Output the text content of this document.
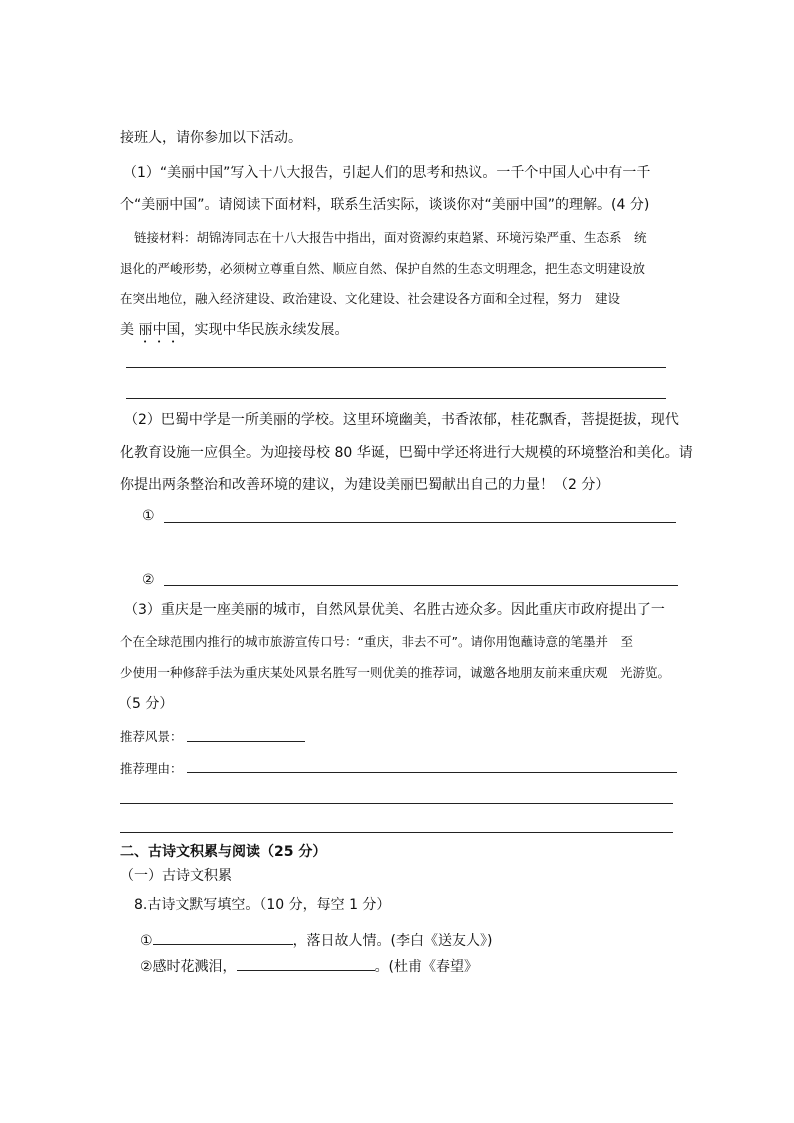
接班人，请你参加以下活动。
（1）“美丽中国”写入十八大报告，引起人们的思考和热议。一千个中国人心中有一千
个“美丽中国”。请阅读下面材料，联系生活实际，谈谈你对“美丽中国”的理解。(4 分)
链接材料：胡锦涛同志在十八大报告中指出，面对资源约束趋紧、环境污染严重、生态系　统
退化的严峻形势，必须树立尊重自然、顺应自然、保护自然的生态文明理念，把生态文明建设放
在突出地位，融入经济建设、政治建设、文化建设、社会建设各方面和全过程，努力　建设
美 丽中国，实现中华民族永续发展。
（2）巴蜀中学是一所美丽的学校。这里环境幽美，书香浓郁，桂花飘香，菩提挺拔，现代
化教育设施一应俱全。为迎接母校 80 华诞，巴蜀中学还将进行大规模的环境整治和美化。请
你提出两条整治和改善环境的建议，为建设美丽巴蜀献出自己的力量！（2 分）
①
②
（3）重庆是一座美丽的城市，自然风景优美、名胜古迹众多。因此重庆市政府提出了一
个在全球范围内推行的城市旅游宣传口号：“重庆，非去不可”。请你用饱蘸诗意的笔墨并　至
少使用一种修辞手法为重庆某处风景名胜写一则优美的推荐词，诚邀各地朋友前来重庆观　光游览。
（5 分）
推荐风景：
推荐理由：
二、古诗文积累与阅读（25 分）
（一）古诗文积累
8.古诗文默写填空。（10 分，每空 1 分）
①	，落日故人情。(李白《送友人》)
②感时花溅泪，	。(杜甫《春望》
